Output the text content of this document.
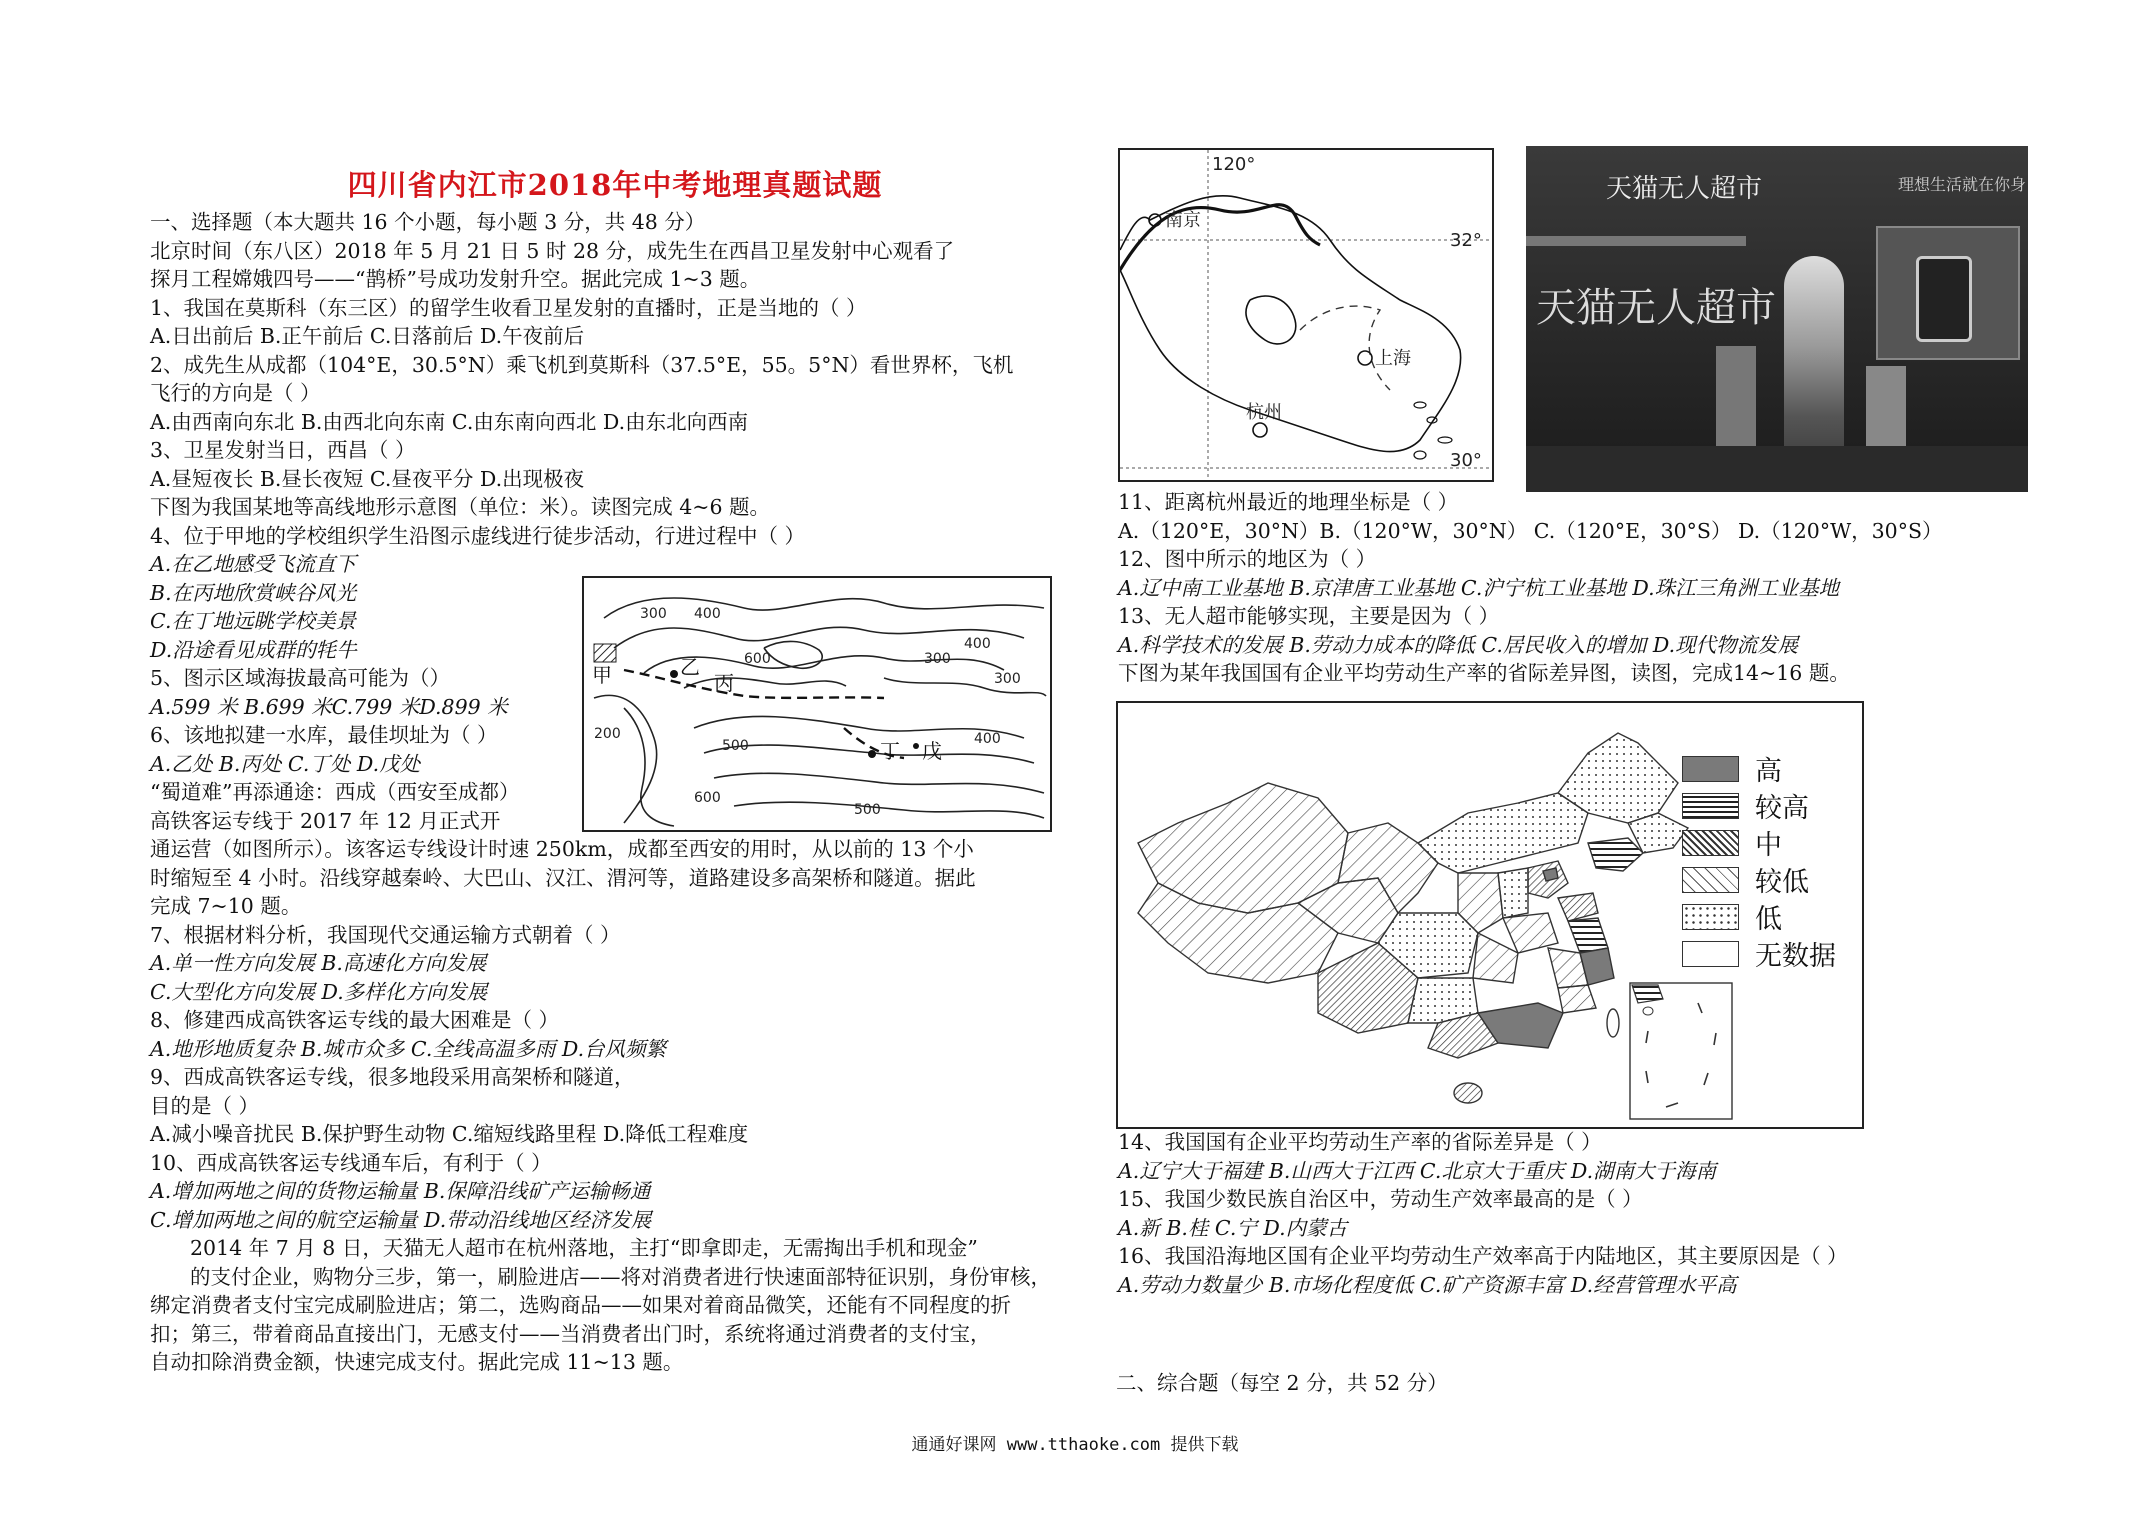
四川省内江市2018年中考地理真题试题
一、选择题（本大题共 16 个小题，每小题 3 分，共 48 分）
北京时间（东八区）2018 年 5 月 21 日 5 时 28 分，成先生在西昌卫星发射中心观看了
探月工程嫦娥四号——“鹊桥”号成功发射升空。据此完成 1~3 题。
1、我国在莫斯科（东三区）的留学生收看卫星发射的直播时，正是当地的（ ）
A.日出前后 B.正午前后 C.日落前后 D.午夜前后
2、成先生从成都（104°E，30.5°N）乘飞机到莫斯科（37.5°E，55。5°N）看世界杯，飞机
飞行的方向是（ ）
A.由西南向东北 B.由西北向东南 C.由东南向西北 D.由东北向西南
3、卫星发射当日，西昌（ ）
A.昼短夜长 B.昼长夜短 C.昼夜平分 D.出现极夜
下图为我国某地等高线地形示意图（单位：米）。读图完成 4~6 题。
4、位于甲地的学校组织学生沿图示虚线进行徒步活动，行进过程中（ ）
A.在乙地感受飞流直下
B.在丙地欣赏峡谷风光
C.在丁地远眺学校美景
D.沿途看见成群的牦牛
5、图示区域海拔最高可能为（）
A.599 米 B.699 米C.799 米D.899 米
6、该地拟建一水库，最佳坝址为（ ）
A.乙处 B.丙处 C.丁处 D.戊处
“蜀道难”再添通途：西成（西安至成都）
高铁客运专线于 2017 年 12 月正式开
通运营（如图所示）。该客运专线设计时速 250km，成都至西安的用时，从以前的 13 个小
时缩短至 4 小时。沿线穿越秦岭、大巴山、汉江、渭河等，道路建设多高架桥和隧道。据此
完成 7~10 题。
7、根据材料分析，我国现代交通运输方式朝着（ ）
A.单一性方向发展 B.高速化方向发展
C.大型化方向发展 D.多样化方向发展
8、修建西成高铁客运专线的最大困难是（ ）
A.地形地质复杂 B.城市众多 C.全线高温多雨 D.台风频繁
9、西成高铁客运专线，很多地段采用高架桥和隧道，
目的是（ ）
A.减小噪音扰民 B.保护野生动物 C.缩短线路里程 D.降低工程难度
10、西成高铁客运专线通车后，有利于（ ）
A.增加两地之间的货物运输量 B.保障沿线矿产运输畅通
C.增加两地之间的航空运输量 D.带动沿线地区经济发展
2014 年 7 月 8 日，天猫无人超市在杭州落地，主打“即拿即走，无需掏出手机和现金”
的支付企业，购物分三步，第一，刷脸进店——将对消费者进行快速面部特征识别，身份审核，
绑定消费者支付宝完成刷脸进店；第二，选购商品——如果对着商品微笑，还能有不同程度的折
扣；第三，带着商品直接出门，无感支付——当消费者出门时，系统将通过消费者的支付宝，
自动扣除消费金额，快速完成支付。据此完成 11~13 题。
11、距离杭州最近的地理坐标是（ ）
A.（120°E，30°N）B.（120°W，30°N） C.（120°E，30°S） D.（120°W，30°S）
12、图中所示的地区为（ ）
A.辽中南工业基地 B.京津唐工业基地 C.沪宁杭工业基地 D.珠江三角洲工业基地
13、无人超市能够实现，主要是因为（ ）
A.科学技术的发展 B.劳动力成本的降低 C.居民收入的增加 D.现代物流发展
下图为某年我国国有企业平均劳动生产率的省际差异图，读图，完成14~16 题。
14、我国国有企业平均劳动生产率的省际差异是（ ）
A.辽宁大于福建 B.山西大于江西 C.北京大于重庆 D.湖南大于海南
15、我国少数民族自治区中，劳动生产效率最高的是（ ）
A.新 B.桂 C.宁 D.内蒙古
16、我国沿海地区国有企业平均劳动生产效率高于内陆地区，其主要原因是（ ）
A.劳动力数量少 B.市场化程度低 C.矿产资源丰富 D.经营管理水平高
二、综合题（每空 2 分，共 52 分）
通通好课网 www.tthaoke.com 提供下载
300 400
300
400
600
300
200
500	400
600
500
甲	乙
丙
丁 戊
120°
32°
30°
南京
上海
杭州
天猫无人超市
天猫无人超市
理想生活就在你身
高
较高
中
较低
低
无数据
